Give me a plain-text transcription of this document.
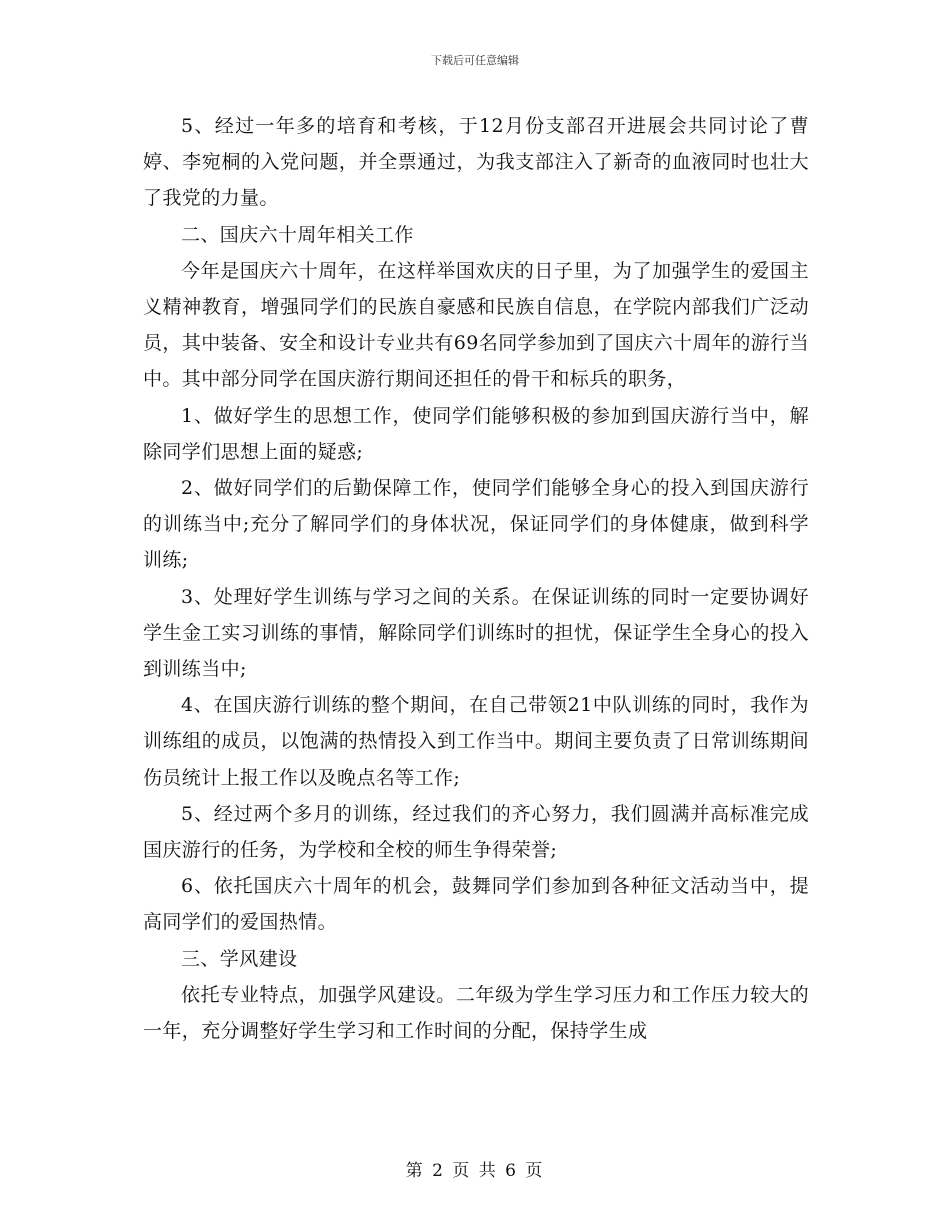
下载后可任意编辑

5、经过一年多的培育和考核，于12月份支部召开进展会共同讨论了曹婷、李宛桐的入党问题，并全票通过，为我支部注入了新奇的血液同时也壮大了我党的力量。

二、国庆六十周年相关工作

今年是国庆六十周年，在这样举国欢庆的日子里，为了加强学生的爱国主义精神教育，增强同学们的民族自豪感和民族自信息，在学院内部我们广泛动员，其中装备、安全和设计专业共有69名同学参加到了国庆六十周年的游行当中。其中部分同学在国庆游行期间还担任的骨干和标兵的职务，

1、做好学生的思想工作，使同学们能够积极的参加到国庆游行当中，解除同学们思想上面的疑惑;

2、做好同学们的后勤保障工作，使同学们能够全身心的投入到国庆游行的训练当中;充分了解同学们的身体状况，保证同学们的身体健康，做到科学训练;

3、处理好学生训练与学习之间的关系。在保证训练的同时一定要协调好学生金工实习训练的事情，解除同学们训练时的担忧，保证学生全身心的投入到训练当中;

4、在国庆游行训练的整个期间，在自己带领21中队训练的同时，我作为训练组的成员，以饱满的热情投入到工作当中。期间主要负责了日常训练期间伤员统计上报工作以及晚点名等工作;

5、经过两个多月的训练，经过我们的齐心努力，我们圆满并高标准完成国庆游行的任务，为学校和全校的师生争得荣誉;

6、依托国庆六十周年的机会，鼓舞同学们参加到各种征文活动当中，提高同学们的爱国热情。

三、学风建设

依托专业特点，加强学风建设。二年级为学生学习压力和工作压力较大的一年，充分调整好学生学习和工作时间的分配，保持学生成

第 2 页 共 6 页
